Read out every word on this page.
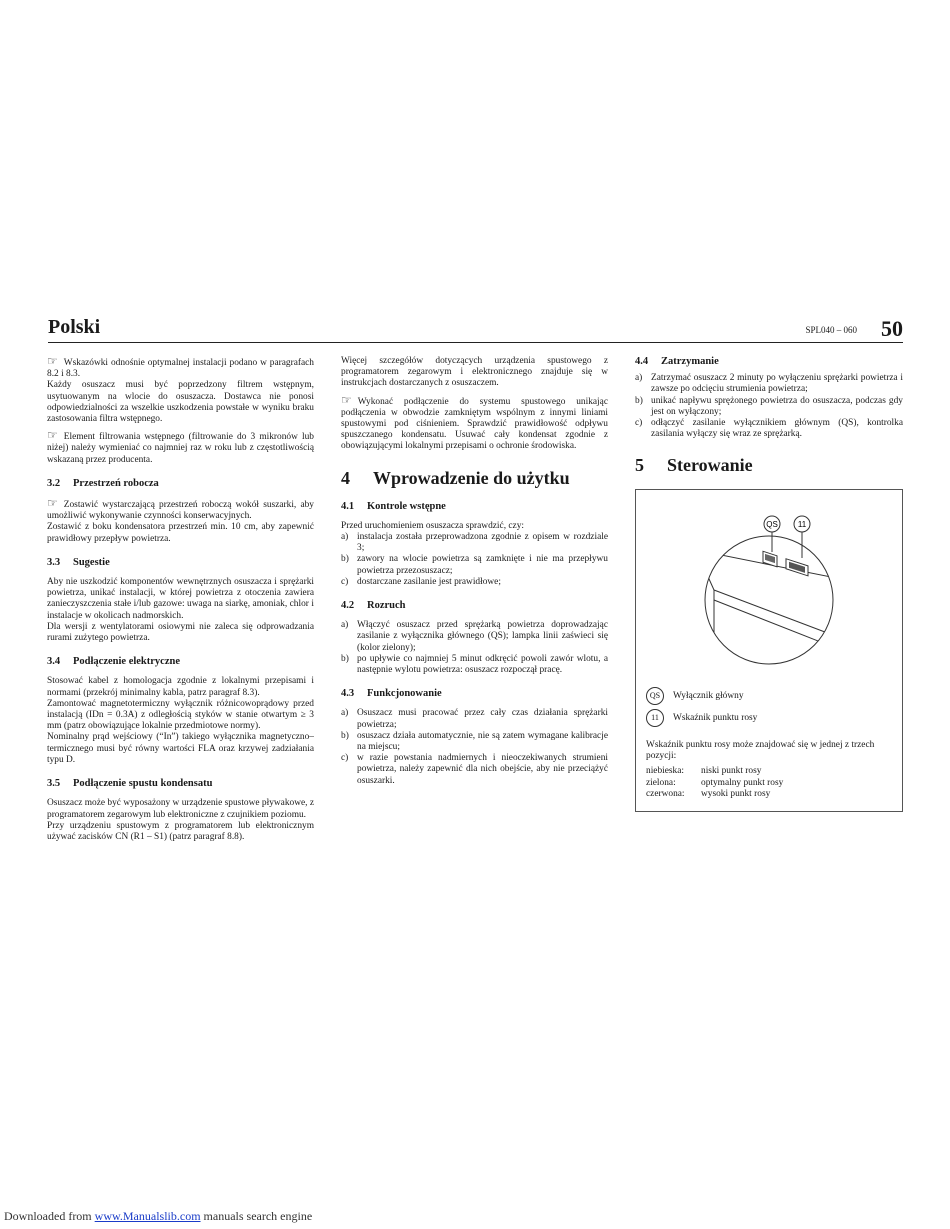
Polski	SPL040 – 060 50

☞ Wskazówki odnośnie optymalnej instalacji podano w paragrafach 8.2 i 8.3.

Każdy osuszacz musi być poprzedzony filtrem wstępnym, usytuowanym na wlocie do osuszacza. Dostawca nie ponosi odpowiedzialności za wszelkie uszkodzenia powstałe w wyniku braku zastosowania filtra wstępnego.

☞ Element filtrowania wstępnego (filtrowanie do 3 mikronów lub niżej) należy wymieniać co najmniej raz w roku lub z częstotliwością wskazaną przez producenta.

3.2 Przestrzeń robocza

☞ Zostawić wystarczającą przestrzeń roboczą wokół suszarki, aby umożliwić wykonywanie czynności konserwacyjnych.

Zostawić z boku kondensatora przestrzeń min. 10 cm, aby zapewnić prawidłowy przepływ powietrza.

3.3 Sugestie

Aby nie uszkodzić komponentów wewnętrznych osuszacza i sprężarki powietrza, unikać instalacji, w której powietrza z otoczenia zawiera zanieczyszczenia stałe i/lub gazowe: uwaga na siarkę, amoniak, chlor i instalacje w okolicach nadmorskich.

Dla wersji z wentylatorami osiowymi nie zaleca się odprowadzania rurami zużytego powietrza.

3.4 Podłączenie elektryczne

Stosować kabel z homologacja zgodnie z lokalnymi przepisami i normami (przekrój minimalny kabla, patrz paragraf 8.3).

Zamontować magnetotermiczny wyłącznik różnicowoprądowy przed instalacją (IDn = 0.3A) z odległością styków w stanie otwartym ≥ 3 mm (patrz obowiązujące lokalnie przedmiotowe normy).

Nominalny prąd wejściowy (“In”) takiego wyłącznika magnetyczno–termicznego musi być równy wartości FLA oraz krzywej zadziałania typu D.

3.5 Podłączenie spustu kondensatu

Osuszacz może być wyposażony w urządzenie spustowe pływakowe, z programatorem zegarowym lub elektroniczne z czujnikiem poziomu.

Przy urządzeniu spustowym z programatorem lub elektronicznym używać zacisków CN (R1 – S1) (patrz paragraf 8.8).

Więcej szczegółów dotyczących urządzenia spustowego z programatorem zegarowym i elektronicznego znajduje się w instrukcjach dostarczanych z osuszaczem.

☞ Wykonać podłączenie do systemu spustowego unikając podłączenia w obwodzie zamkniętym wspólnym z innymi liniami spustowymi pod ciśnieniem. Sprawdzić prawidłowość odpływu spuszczanego kondensatu. Usuwać cały kondensat zgodnie z obowiązującymi lokalnymi przepisami o ochronie środowiska.

4 Wprowadzenie do użytku
4.1 Kontrole wstępne

Przed uruchomieniem osuszacza sprawdzić, czy:

a) instalacja została przeprowadzona zgodnie z opisem w rozdziale 3;
b) zawory na wlocie powietrza są zamknięte i nie ma przepływu powietrza przezosuszacz;
c) dostarczane zasilanie jest prawidłowe;
4.2 Rozruch
a) Włączyć osuszacz przed sprężarką powietrza doprowadzając zasilanie z wyłącznika głównego (QS); lampka linii zaświeci się (kolor zielony);
b) po upływie co najmniej 5 minut odkręcić powoli zawór wlotu, a następnie wylotu powietrza: osuszacz rozpoczął pracę.
4.3 Funkcjonowanie
a) Osuszacz musi pracować przez cały czas działania sprężarki powietrza;
b) osuszacz działa automatycznie, nie są zatem wymagane kalibracje na miejscu;
c) w razie powstania nadmiernych i nieoczekiwanych strumieni powietrza, należy zapewnić dla nich obejście, aby nie przeciążyć osuszarki.
4.4 Zatrzymanie
a) Zatrzymać osuszacz 2 minuty po wyłączeniu sprężarki powietrza i zawsze po odcięciu strumienia powietrza;
b) unikać napływu sprężonego powietrza do osuszacza, podczas gdy jest on wyłączony;
c) odłączyć zasilanie wyłącznikiem głównym (QS), kontrolka zasilania wyłączy się wraz ze sprężarką.
5 Sterowanie
QS	11
QS	Wyłącznik główny
11	Wskaźnik punktu rosy
Wskaźnik punktu rosy może znajdować się w jednej z trzech pozycji:
niebieska:	niski punkt rosy
zielona:	optymalny punkt rosy
czerwona:	wysoki punkt rosy
Downloaded from www.Manualslib.com manuals search engine
